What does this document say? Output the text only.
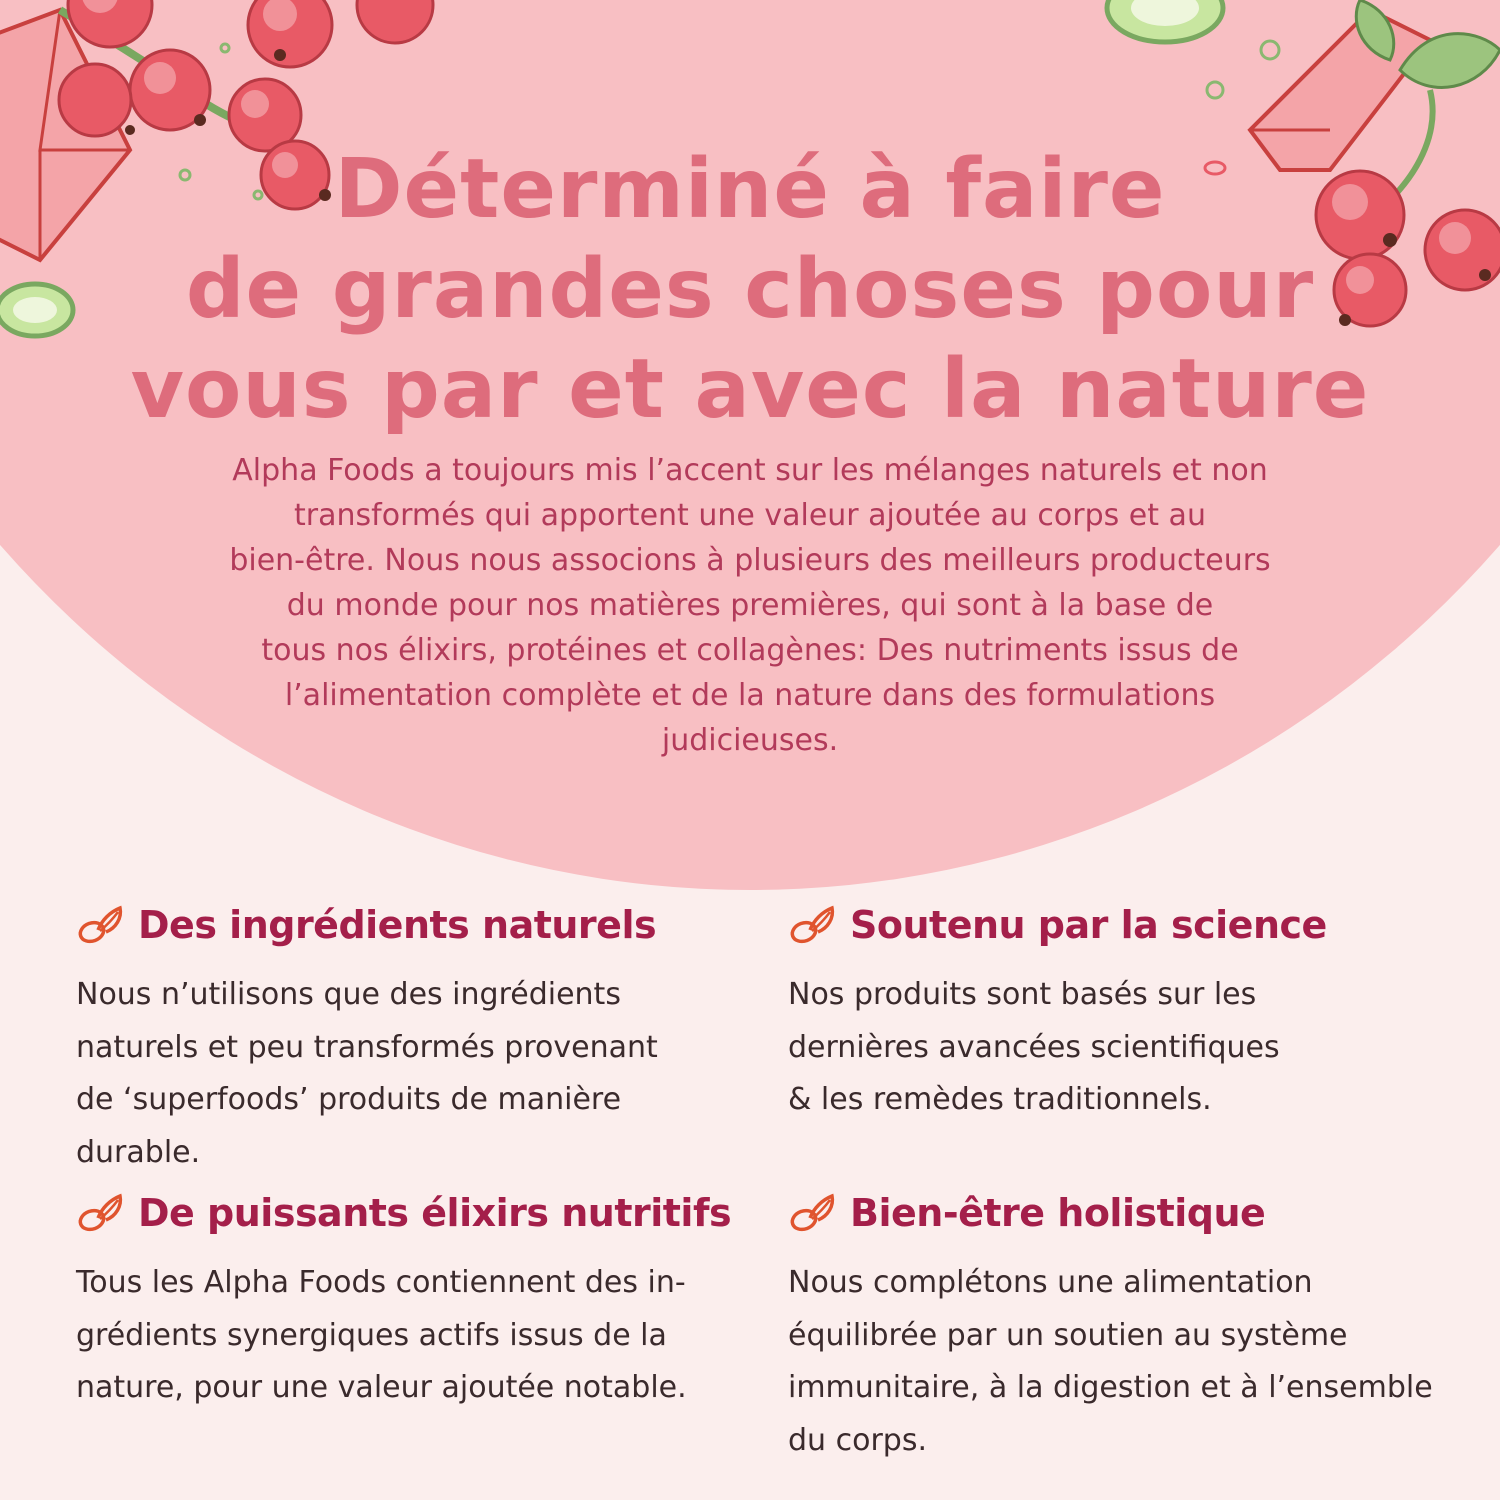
Déterminé à faire
de grandes choses pour
vous par et avec la nature

Alpha Foods a toujours mis l’accent sur les mélanges naturels et non
transformés qui apportent une valeur ajoutée au corps et au
bien-être. Nous nous associons à plusieurs des meilleurs producteurs
du monde pour nos matières premières, qui sont à la base de
tous nos élixirs, protéines et collagènes: Des nutriments issus de
l’alimentation complète et de la nature dans des formulations
judicieuses.

Des ingrédients naturels

Nous n’utilisons que des ingrédients
naturels et peu transformés provenant
de ‘superfoods’ produits de manière
durable.

Soutenu par la science

Nos produits sont basés sur les
dernières avancées scientifiques
& les remèdes traditionnels.

De puissants élixirs nutritifs

Tous les Alpha Foods contiennent des in-
grédients synergiques actifs issus de la
nature, pour une valeur ajoutée notable.

Bien-être holistique

Nous complétons une alimentation
équilibrée par un soutien au système
immunitaire, à la digestion et à l’ensemble
du corps.
